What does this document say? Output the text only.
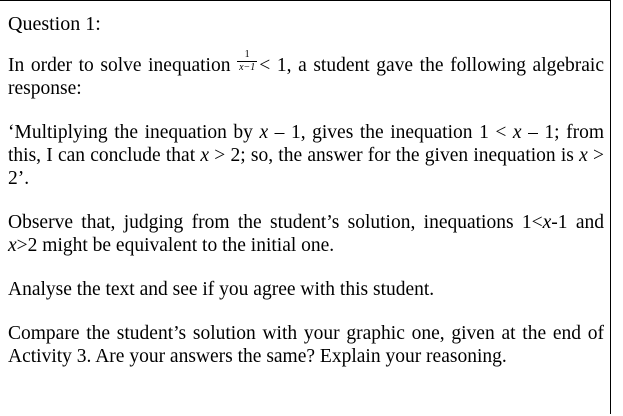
Question 1:

In order to solve inequation $\frac{1}{x-1} < 1$, a student gave the following algebraic response:

‘Multiplying the inequation by x – 1, gives the inequation 1 < x – 1; from this, I can conclude that x > 2; so, the answer for the given inequation is x > 2’.

Observe that, judging from the student’s solution, inequations 1<x-1 and x>2 might be equivalent to the initial one.

Analyse the text and see if you agree with this student.

Compare the student’s solution with your graphic one, given at the end of Activity 3. Are your answers the same? Explain your reasoning.
